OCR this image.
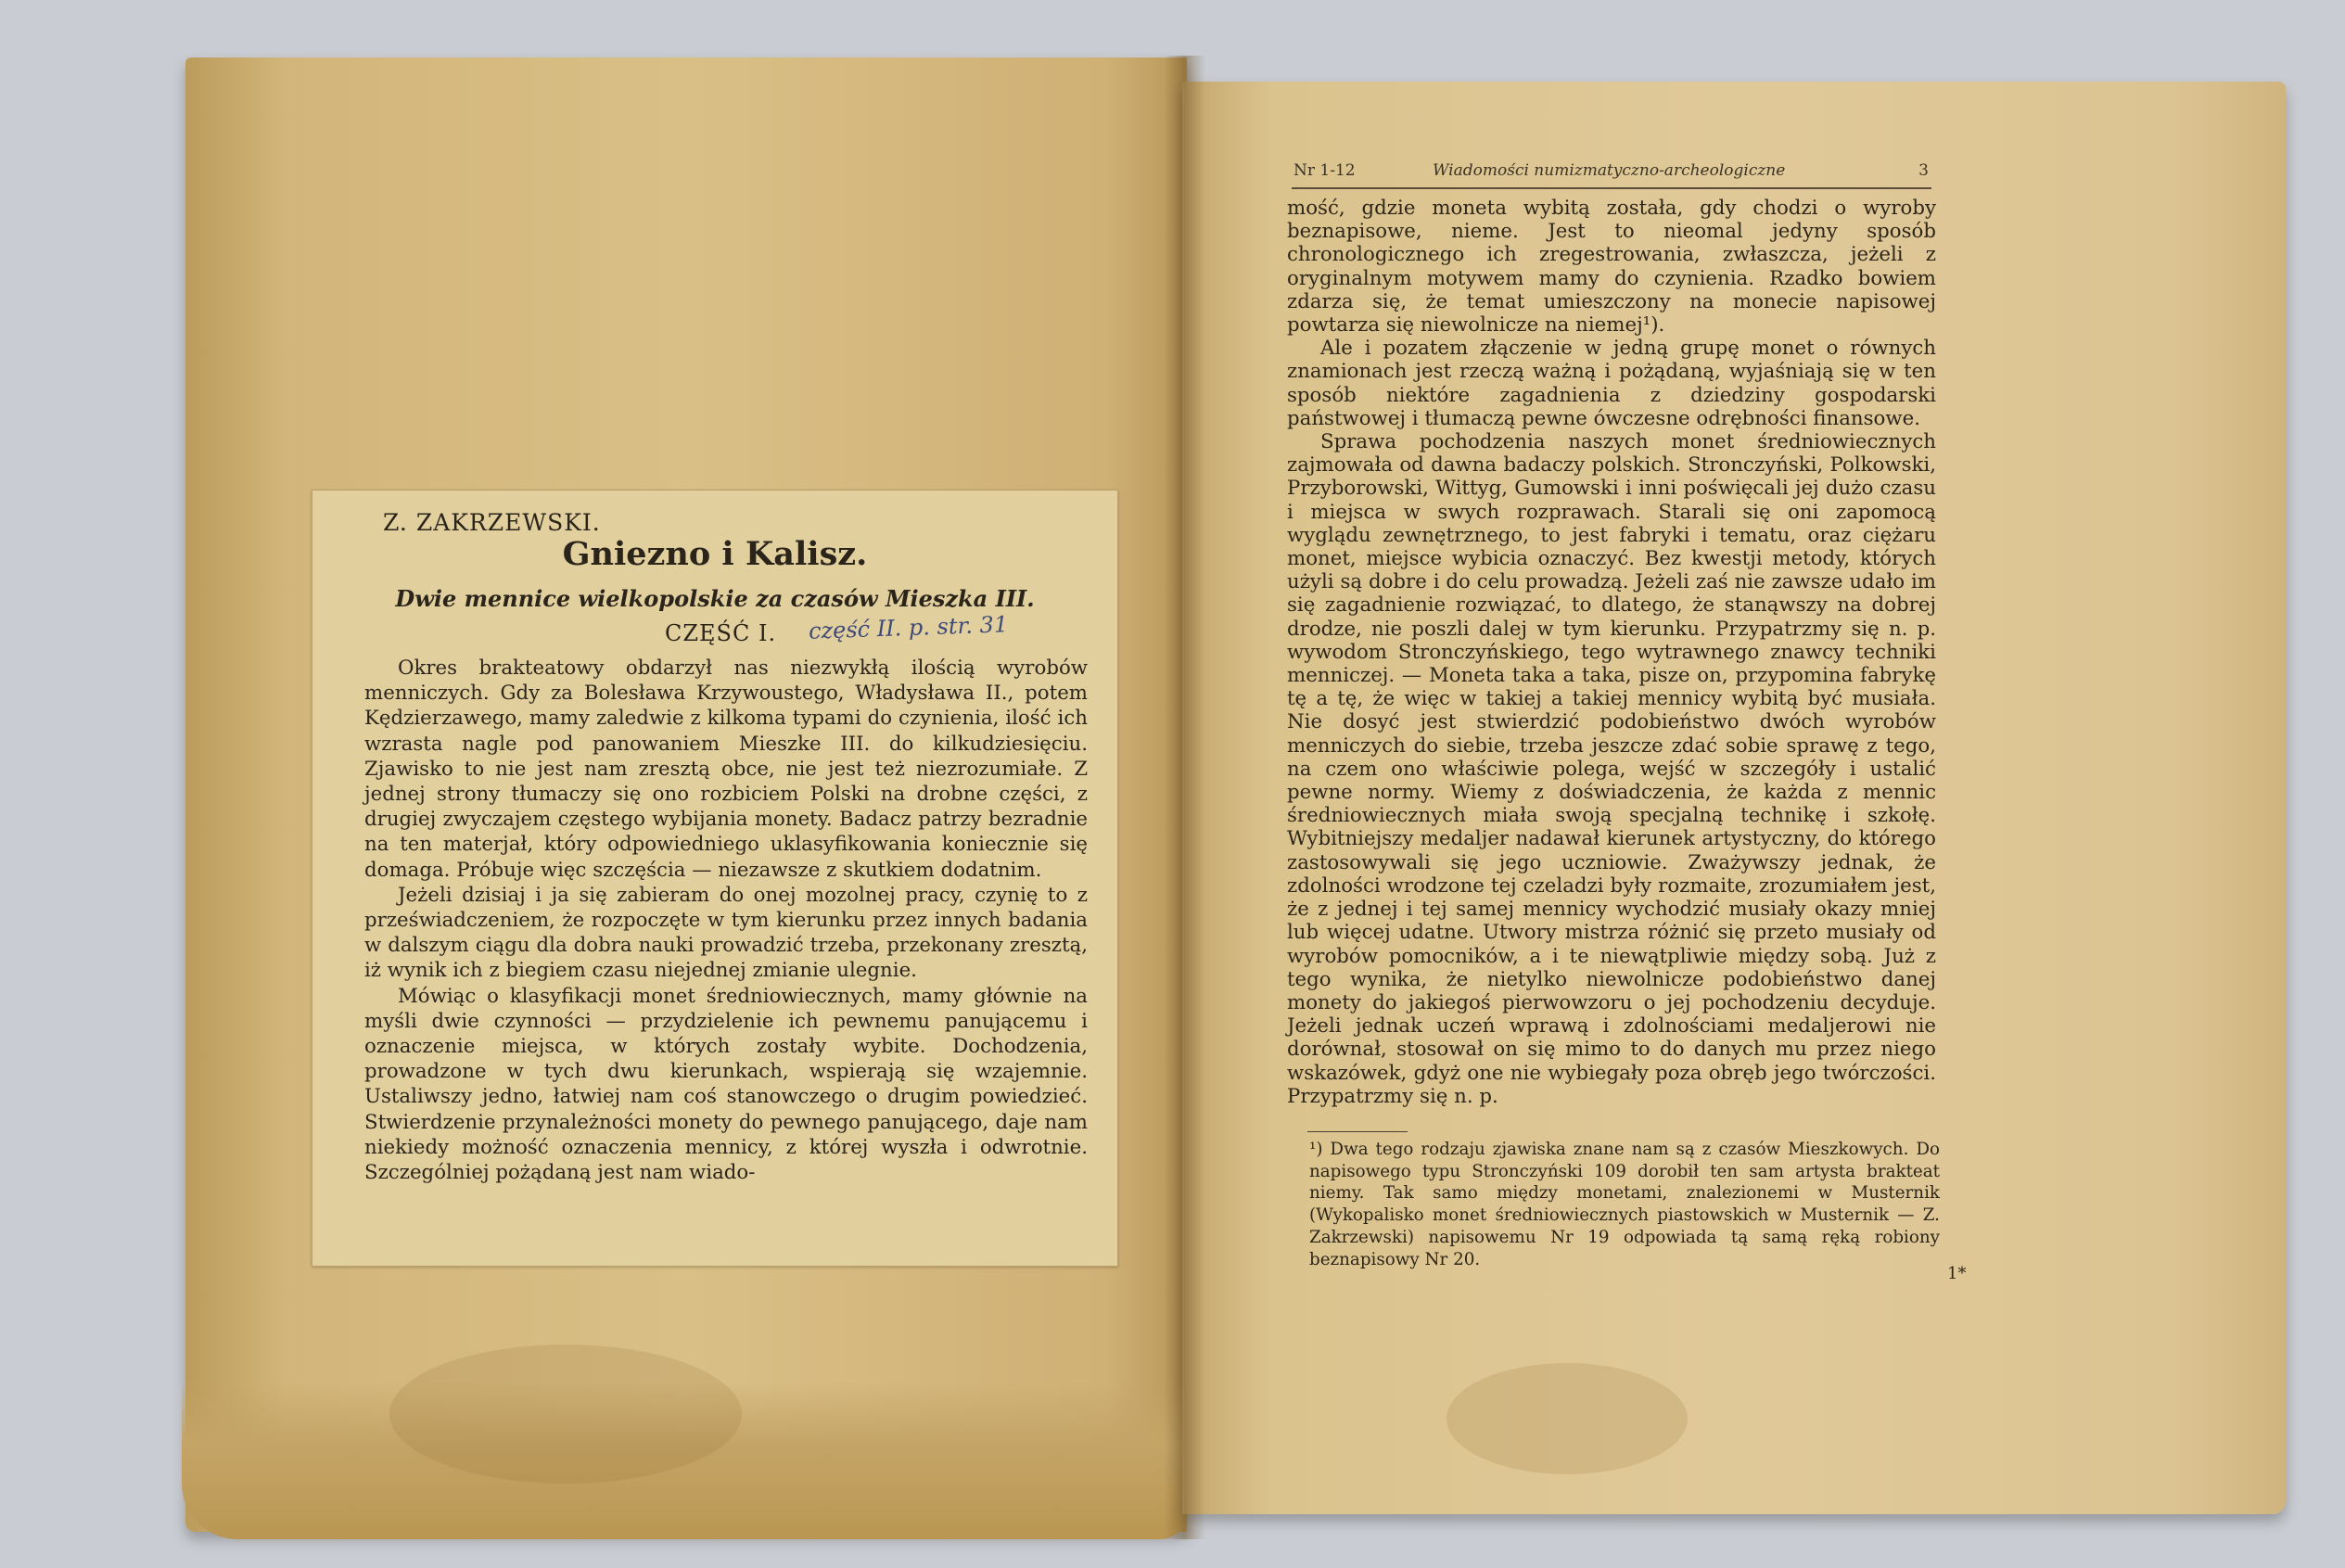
Z. ZAKRZEWSKI.
Gniezno i Kalisz.
Dwie mennice wielkopolskie za czasów Mieszka III.
CZĘŚĆ I. część II. p. str. 31

Okres brakteatowy obdarzył nas niezwykłą ilością wyrobów menniczych. Gdy za Bolesława Krzywoustego, Władysława II., potem Kędzierzawego, mamy zaledwie z kilkoma typami do czynienia, ilość ich wzrasta nagle pod panowaniem Mieszke III. do kilkudziesięciu. Zjawisko to nie jest nam zresztą obce, nie jest też niezrozumiałe. Z jednej strony tłumaczy się ono rozbiciem Polski na drobne części, z drugiej zwyczajem częstego wybijania monety. Badacz patrzy bezradnie na ten materjał, który odpowiedniego uklasyfikowania koniecznie się domaga. Próbuje więc szczęścia — niezawsze z skutkiem dodatnim.

Jeżeli dzisiaj i ja się zabieram do onej mozolnej pracy, czynię to z przeświadczeniem, że rozpoczęte w tym kierunku przez innych badania w dalszym ciągu dla dobra nauki prowadzić trzeba, przekonany zresztą, iż wynik ich z biegiem czasu niejednej zmianie ulegnie.

Mówiąc o klasyfikacji monet średniowiecznych, mamy głównie na myśli dwie czynności — przydzielenie ich pewnemu panującemu i oznaczenie miejsca, w których zostały wybite. Dochodzenia, prowadzone w tych dwu kierunkach, wspierają się wzajemnie. Ustaliwszy jedno, łatwiej nam coś stanowczego o drugim powiedzieć. Stwierdzenie przynależności monety do pewnego panującego, daje nam niekiedy możność oznaczenia mennicy, z której wyszła i odwrotnie. Szczególniej pożądaną jest nam wiado-

Nr 1-12	Wiadomości numizmatyczno-archeologiczne	3

mość, gdzie moneta wybitą została, gdy chodzi o wyroby beznapisowe, nieme. Jest to nieomal jedyny sposób chronologicznego ich zregestrowania, zwłaszcza, jeżeli z oryginalnym motywem mamy do czynienia. Rzadko bowiem zdarza się, że temat umieszczony na monecie napisowej powtarza się niewolnicze na niemej¹).

Ale i pozatem złączenie w jedną grupę monet o równych znamionach jest rzeczą ważną i pożądaną, wyjaśniają się w ten sposób niektóre zagadnienia z dziedziny gospodarski państwowej i tłumaczą pewne ówczesne odrębności finansowe.

Sprawa pochodzenia naszych monet średniowiecznych zajmowała od dawna badaczy polskich. Stronczyński, Polkowski, Przyborowski, Wittyg, Gumowski i inni poświęcali jej dużo czasu i miejsca w swych rozprawach. Starali się oni zapomocą wyglądu zewnętrznego, to jest fabryki i tematu, oraz ciężaru monet, miejsce wybicia oznaczyć. Bez kwestji metody, których użyli są dobre i do celu prowadzą. Jeżeli zaś nie zawsze udało im się zagadnienie rozwiązać, to dlatego, że stanąwszy na dobrej drodze, nie poszli dalej w tym kierunku. Przypatrzmy się n. p. wywodom Stronczyńskiego, tego wytrawnego znawcy techniki menniczej. — Moneta taka a taka, pisze on, przypomina fabrykę tę a tę, że więc w takiej a takiej mennicy wybitą być musiała. Nie dosyć jest stwierdzić podobieństwo dwóch wyrobów menniczych do siebie, trzeba jeszcze zdać sobie sprawę z tego, na czem ono właściwie polega, wejść w szczegóły i ustalić pewne normy. Wiemy z doświadczenia, że każda z mennic średniowiecznych miała swoją specjalną technikę i szkołę. Wybitniejszy medaljer nadawał kierunek artystyczny, do którego zastosowywali się jego uczniowie. Zważywszy jednak, że zdolności wrodzone tej czeladzi były rozmaite, zrozumiałem jest, że z jednej i tej samej mennicy wychodzić musiały okazy mniej lub więcej udatne. Utwory mistrza różnić się przeto musiały od wyrobów pomocników, a i te niewątpliwie między sobą. Już z tego wynika, że nietylko niewolnicze podobieństwo danej monety do jakiegoś pierwowzoru o jej pochodzeniu decyduje. Jeżeli jednak uczeń wprawą i zdolnościami medaljerowi nie dorównał, stosował on się mimo to do danych mu przez niego wskazówek, gdyż one nie wybiegały poza obręb jego twórczości. Przypatrzmy się n. p.

¹) Dwa tego rodzaju zjawiska znane nam są z czasów Mieszkowych. Do napisowego typu Stronczyński 109 dorobił ten sam artysta brakteat niemy. Tak samo między monetami, znalezionemi w Musternik (Wykopalisko monet średniowiecznych piastowskich w Musternik — Z. Zakrzewski) napisowemu Nr 19 odpowiada tą samą ręką robiony beznapisowy Nr 20.
1*
